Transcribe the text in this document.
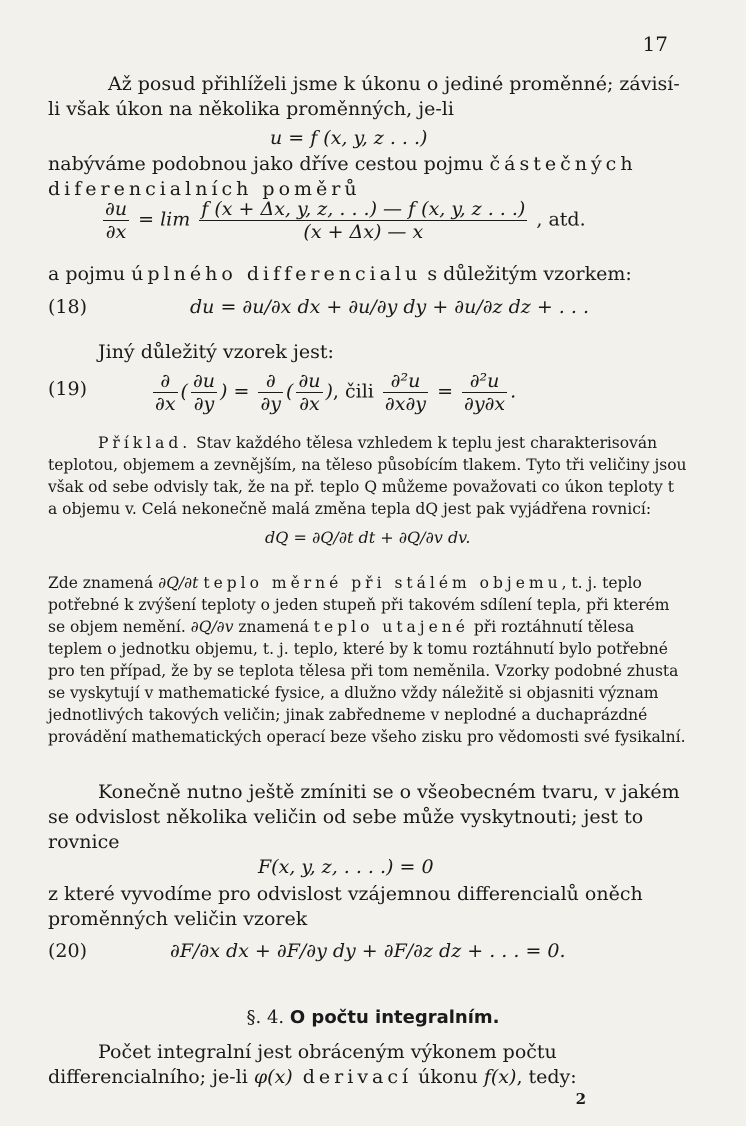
17
Až posud přihlíželi jsme k úkonu o jediné proměnné; závisí-li však úkon na několika proměnných, je-li
u = f (x, y, z . . .)
nabýváme podobnou jako dříve cestou pojmu částečných diferencialních poměrů
$\frac{\partial u}{\partial x} = \lim \frac{f (x + \Delta x, y, z, . . .) — f (x, y, z . . .)}{(x + \Delta x) — x}$ , atd.
a pojmu úplného differencialu s důležitým vzorkem:
(18)	du = ∂u/∂x dx + ∂u/∂y dy + ∂u/∂z dz + . . .
Jiný důležitý vzorek jest:
(19)	$\frac{\partial}{\partial x}$ ( $\frac{\partial u}{\partial y}$ ) = $\frac{\partial}{\partial y}$ ( $\frac{\partial u}{\partial x}$ ), čili $\frac{\text{∂²u}}{\partial x\partial y} = \frac{\text{∂²u}}{\partial y\partial x}$ .
Příklad. Stav každého tělesa vzhledem k teplu jest charakterisován teplotou, objemem a zevnějším, na těleso působícím tlakem. Tyto tři veličiny jsou však od sebe odvisly tak, že na př. teplo Q můžeme považovati co úkon teploty t a objemu v. Celá nekonečně malá změna tepla dQ jest pak vyjádřena rovnicí:
dQ = ∂Q/∂t dt + ∂Q/∂v dv.
Zde znamená ∂Q/∂t teplo měrné při stálém objemu, t. j. teplo potřebné k zvýšení teploty o jeden stupeň při takovém sdílení tepla, při kterém se objem nemění. ∂Q/∂v znamená teplo utajené při roztáhnutí tělesa teplem o jednotku objemu, t. j. teplo, které by k tomu roztáhnutí bylo potřebné pro ten případ, že by se teplota tělesa při tom neměnila. Vzorky podobné zhusta se vyskytují v mathematické fysice, a dlužno vždy náležitě si objasniti význam jednotlivých takových veličin; jinak zabředneme v neplodné a duchaprázdné provádění mathematických operací beze všeho zisku pro vědomosti své fysikalní.
Konečně nutno ještě zmíniti se o všeobecném tvaru, v jakém se odvislost několika veličin od sebe může vyskytnouti; jest to rovnice
F(x, y, z, . . . .) = 0
z které vyvodíme pro odvislost vzájemnou differencialů oněch proměnných veličin vzorek
(20)	∂F/∂x dx + ∂F/∂y dy + ∂F/∂z dz + . . . = 0.
§. 4. O počtu integralním.
Počet integralní jest obráceným výkonem počtu differencialního; je-li φ(x) derivací úkonu f(x), tedy:
2
